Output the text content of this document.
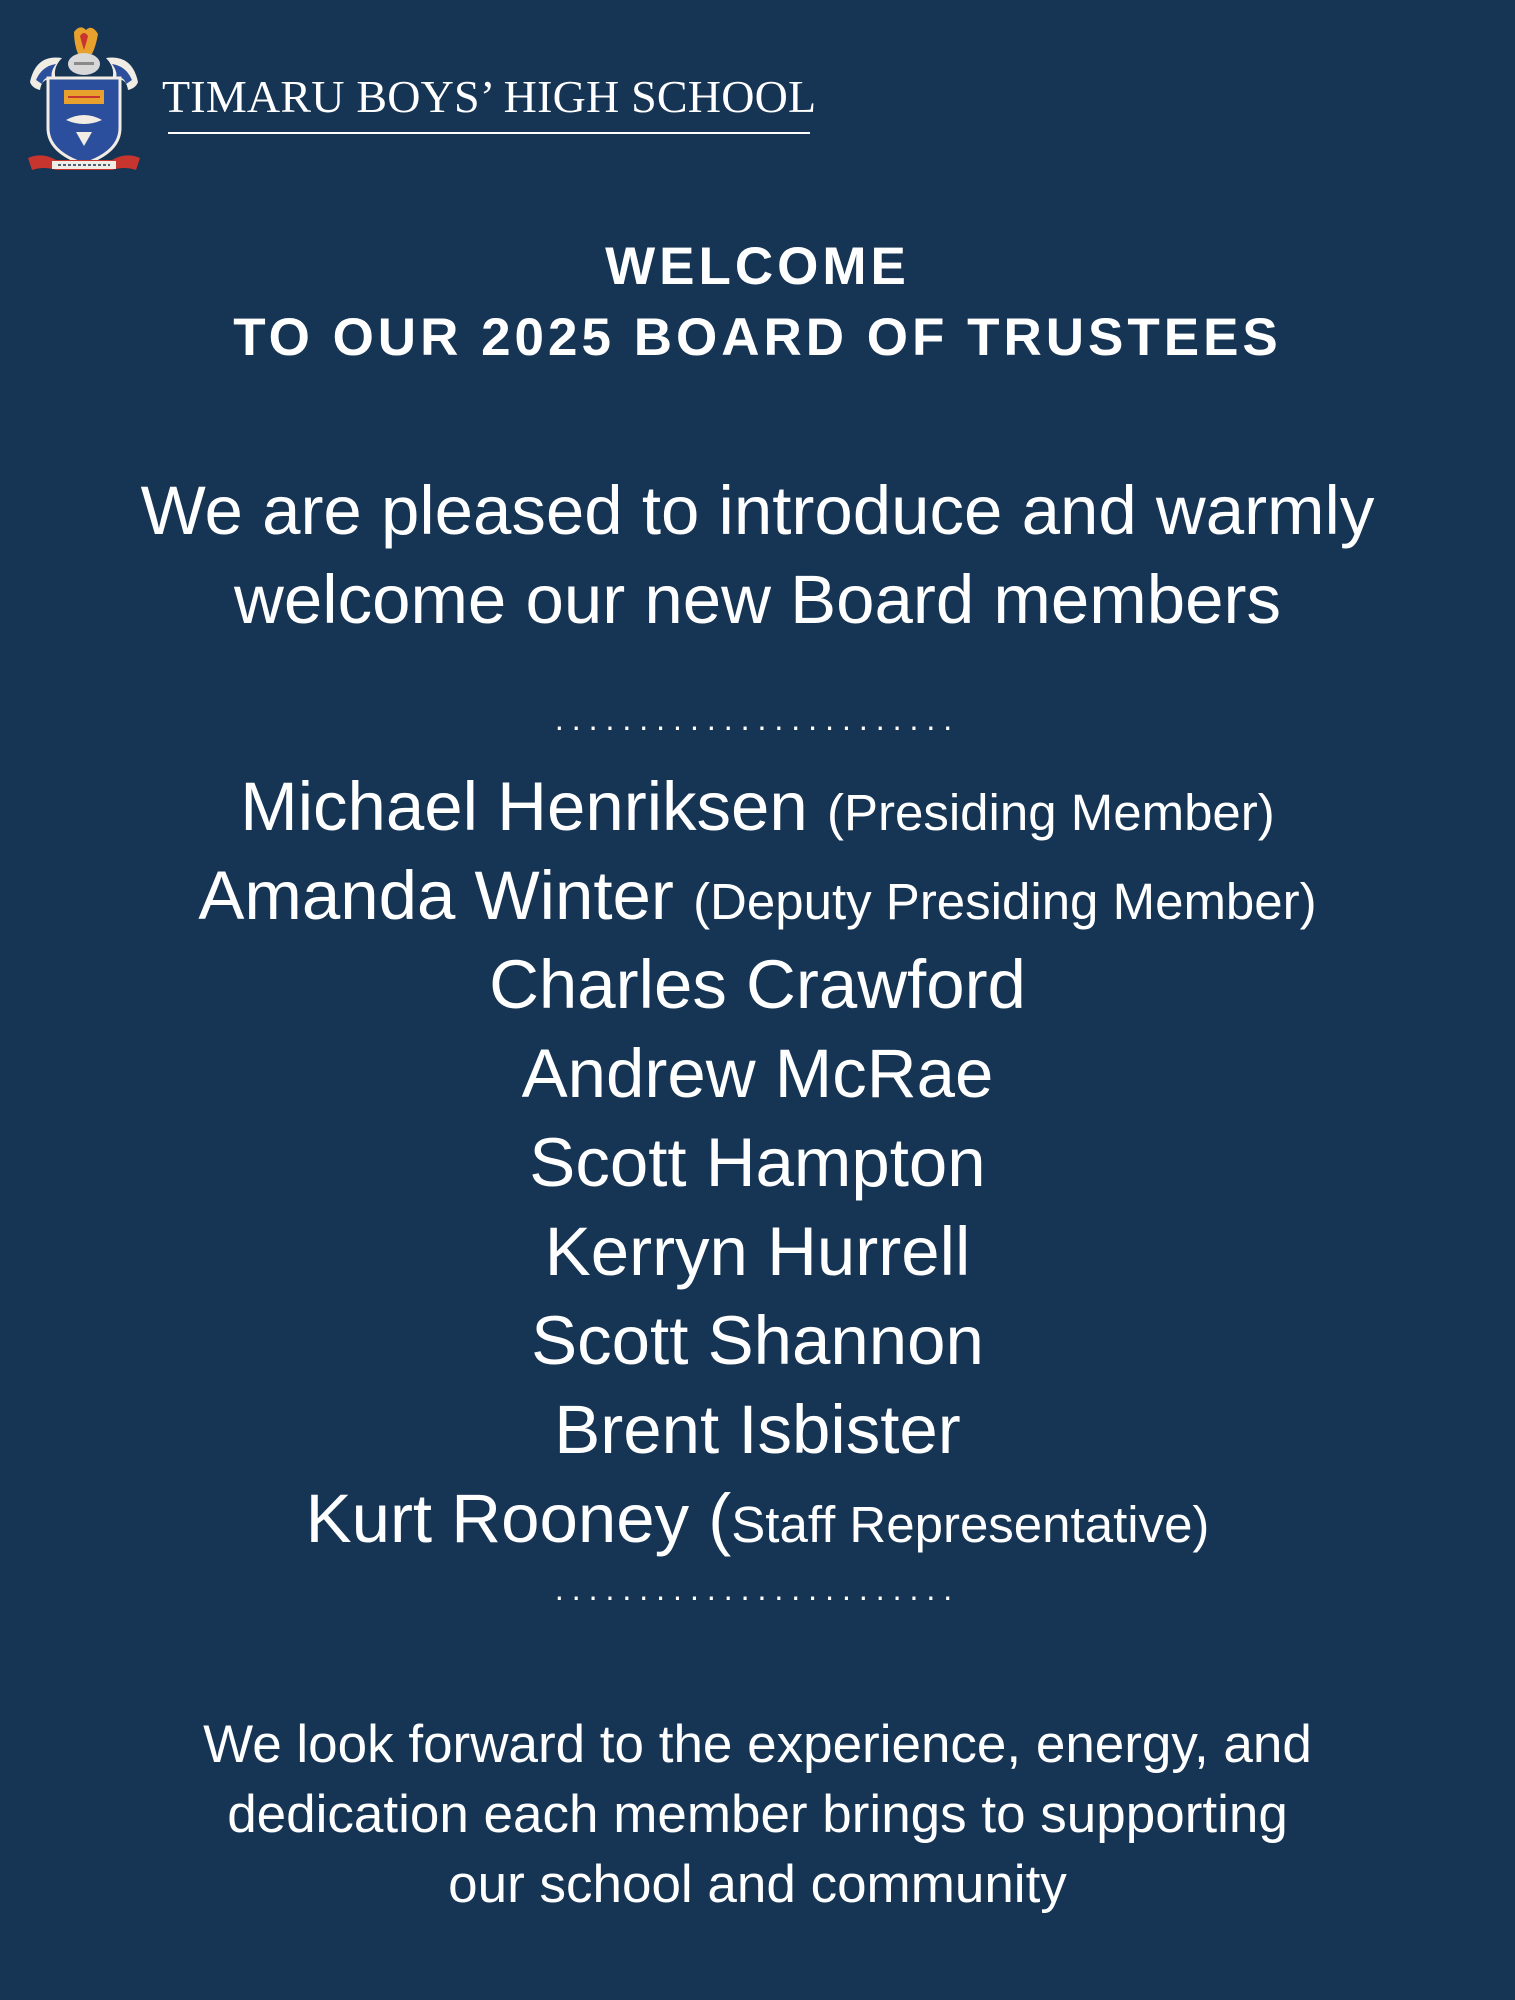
TIMARU BOYS’ HIGH SCHOOL
WELCOME
TO OUR 2025 BOARD OF TRUSTEES
We are pleased to introduce and warmly
welcome our new Board members
........................
Michael Henriksen (Presiding Member)
Amanda Winter (Deputy Presiding Member)
Charles Crawford
Andrew McRae
Scott Hampton
Kerryn Hurrell
Scott Shannon
Brent Isbister
Kurt Rooney (Staff Representative)
........................
We look forward to the experience, energy, and
dedication each member brings to supporting
our school and community
